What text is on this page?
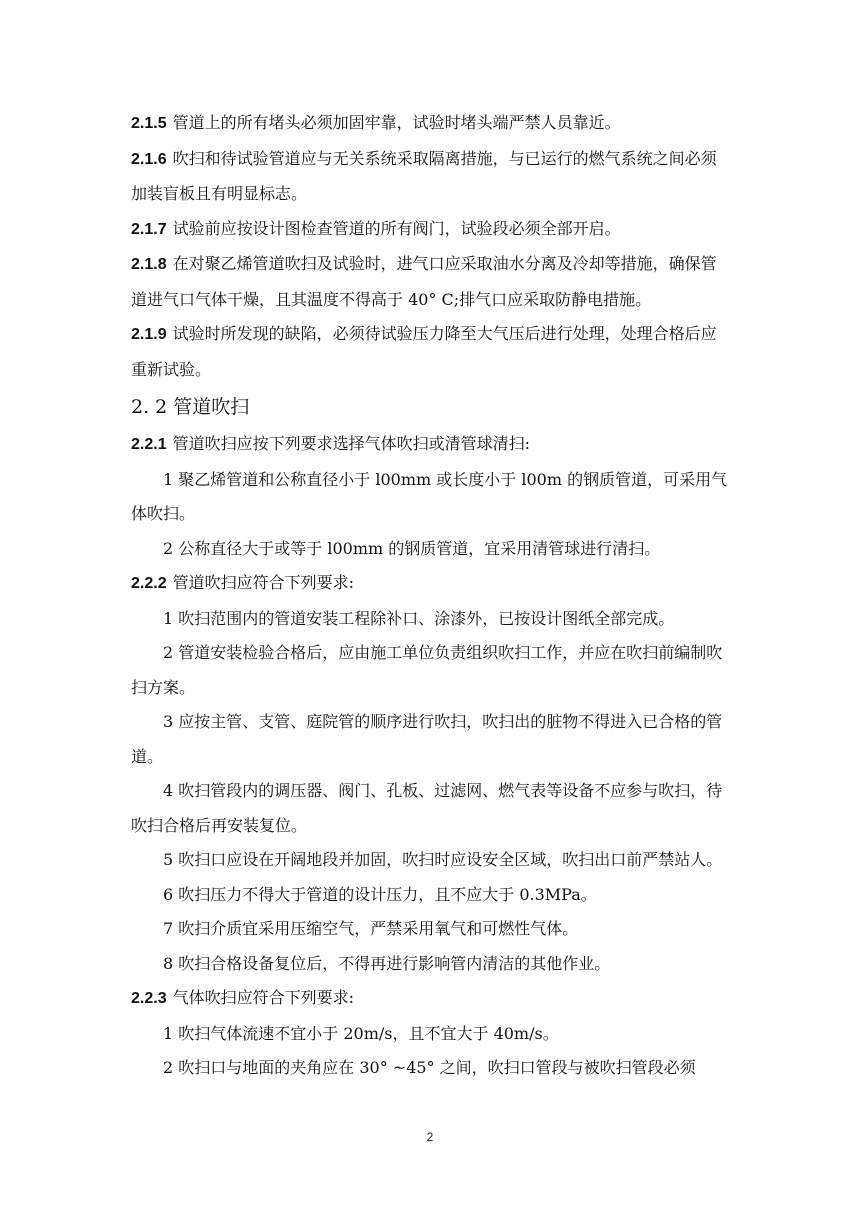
2.1.5 管道上的所有堵头必须加固牢靠，试验时堵头端严禁人员靠近。
2.1.6 吹扫和待试验管道应与无关系统采取隔离措施，与已运行的燃气系统之间必须加装盲板且有明显标志。
2.1.7 试验前应按设计图检查管道的所有阀门，试验段必须全部开启。
2.1.8 在对聚乙烯管道吹扫及试验时，进气口应采取油水分离及冷却等措施，确保管道进气口气体干燥，且其温度不得高于 40° C;排气口应采取防静电措施。
2.1.9 试验时所发现的缺陷，必须待试验压力降至大气压后进行处理，处理合格后应重新试验。
2. 2 管道吹扫
2.2.1 管道吹扫应按下列要求选择气体吹扫或清管球清扫:
1 聚乙烯管道和公称直径小于 l00mm 或长度小于 l00m 的钢质管道，可采用气体吹扫。
2 公称直径大于或等于 l00mm 的钢质管道，宜采用清管球进行清扫。
2.2.2 管道吹扫应符合下列要求:
1 吹扫范围内的管道安装工程除补口、涂漆外，已按设计图纸全部完成。
2 管道安装检验合格后，应由施工单位负责组织吹扫工作，并应在吹扫前编制吹扫方案。
3 应按主管、支管、庭院管的顺序进行吹扫，吹扫出的脏物不得进入已合格的管道。
4 吹扫管段内的调压器、阀门、孔板、过滤网、燃气表等设备不应参与吹扫，待吹扫合格后再安装复位。
5 吹扫口应设在开阔地段并加固，吹扫时应设安全区域，吹扫出口前严禁站人。
6 吹扫压力不得大于管道的设计压力，且不应大于 0.3MPa。
7 吹扫介质宜采用压缩空气，严禁采用氧气和可燃性气体。
8 吹扫合格设备复位后，不得再进行影响管内清洁的其他作业。
2.2.3 气体吹扫应符合下列要求:
1 吹扫气体流速不宜小于 20m/s，且不宜大于 40m/s。
2 吹扫口与地面的夹角应在 30° ~45° 之间，吹扫口管段与被吹扫管段必须
2
